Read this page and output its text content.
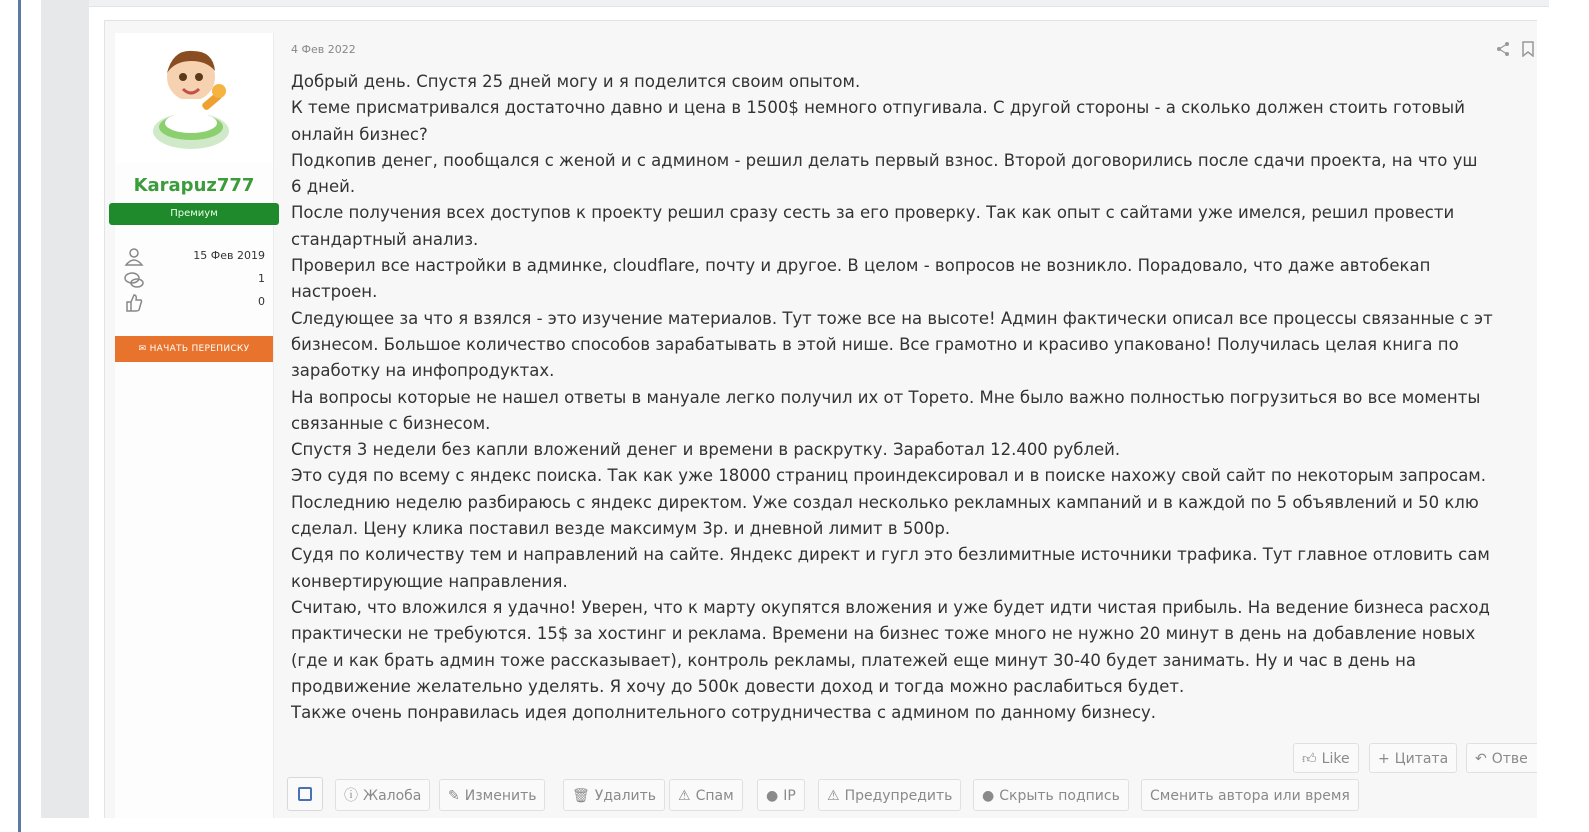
Karapuz777
Премиум
15 Фев 2019
1
0
✉ НАЧАТЬ ПЕРЕПИСКУ
4 Фев 2022
Добрый день. Спустя 25 дней могу и я поделится своим опытом.
К теме присматривался достаточно давно и цена в 1500$ немного отпугивала. С другой стороны - а сколько должен стоить готовый
онлайн бизнес?
Подкопив денег, пообщался с женой и с админом - решил делать первый взнос. Второй договорились после сдачи проекта, на что уш
6 дней.
После получения всех доступов к проекту решил сразу сесть за его проверку. Так как опыт с сайтами уже имелся, решил провести
стандартный анализ.
Проверил все настройки в админке, cloudflare, почту и другое. В целом - вопросов не возникло. Порадовало, что даже автобекап
настроен.
Следующее за что я взялся - это изучение материалов. Тут тоже все на высоте! Админ фактически описал все процессы связанные с эт
бизнесом. Большое количество способов зарабатывать в этой нише. Все грамотно и красиво упаковано! Получилась целая книга по
заработку на инфопродуктах.
На вопросы которые не нашел ответы в мануале легко получил их от Торето. Мне было важно полностью погрузиться во все моменты
связанные с бизнесом.
Спустя 3 недели без капли вложений денег и времени в раскрутку. Заработал 12.400 рублей.
Это судя по всему с яндекс поиска. Так как уже 18000 страниц проиндексировал и в поиске нахожу свой сайт по некоторым запросам.
Последнию неделю разбираюсь с яндекс директом. Уже создал несколько рекламных кампаний и в каждой по 5 объявлений и 50 клю
сделал. Цену клика поставил везде максимум 3р. и дневной лимит в 500р.
Судя по количеству тем и направлений на сайте. Яндекс директ и гугл это безлимитные источники трафика. Тут главное отловить сам
конвертирующие направления.
Считаю, что вложился я удачно! Уверен, что к марту окупятся вложения и уже будет идти чистая прибыль. На ведение бизнеса расход
практически не требуются. 15$ за хостинг и реклама. Времени на бизнес тоже много не нужно 20 минут в день на добавление новых
(где и как брать админ тоже рассказывает), контроль рекламы, платежей еще минут 30-40 будет занимать. Ну и час в день на
продвижение желательно уделять. Я хочу до 500к довести доход и тогда можно раслабиться будет.
Также очень понравилась идея дополнительного сотрудничества с админом по данному бизнесу.
👍︎ Like	+ Цитата	↶ Отве
ⓘ Жалоба	✎ Изменить	🗑︎ Удалить	⚠ Спам	● IP	⚠ Предупредить	● Скрыть подпись	Сменить автора или время
